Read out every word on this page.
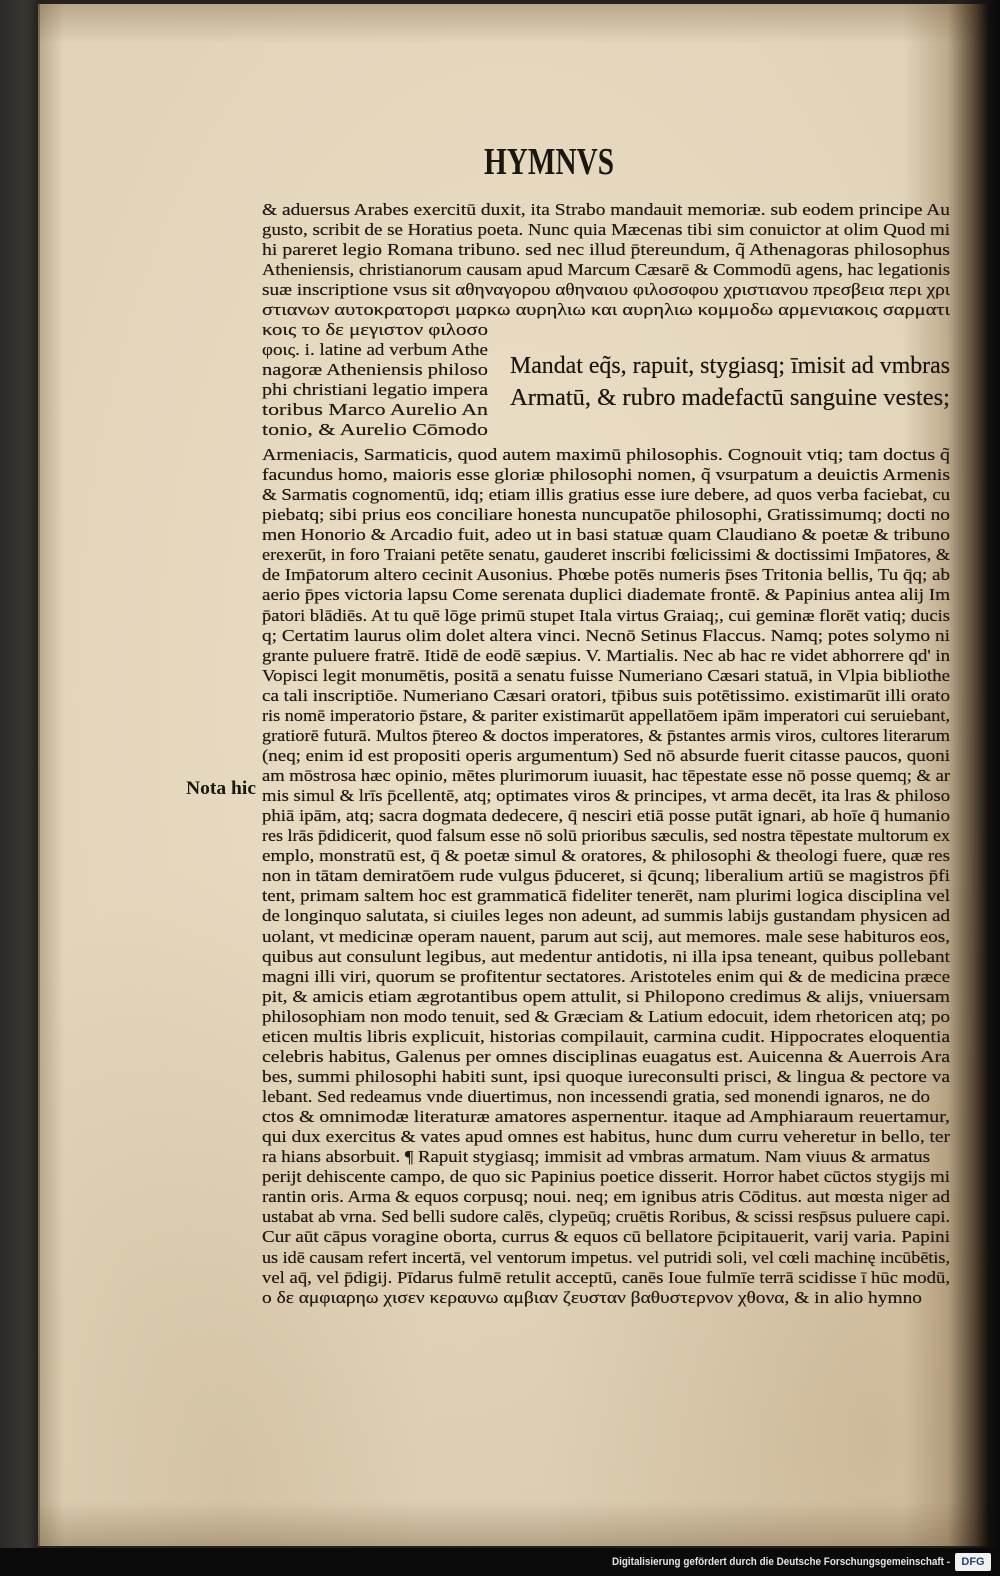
HYMNVS
& aduersus Arabes exercitū duxit, ita Strabo mandauit memoriæ. sub eodem principe Au
gusto, scribit de se Horatius poeta. Nunc quia Mæcenas tibi sim conuictor at olim Quod mi
hi pareret legio Romana tribuno. sed nec illud p̄tereundum, q̃ Athenagoras philosophus
Atheniensis, christianorum causam apud Marcum Cæsarē & Commodū agens, hac legationis
suæ inscriptione vsus sit αθηναγορου αθηναιου φιλοσοφου χριστιανου πρεσβεια περι χρι
στιανων αυτοκρατορσι μαρκω αυρηλιω και αυρηλιω κομμοδω αρμενιακοις σαρματι
κοις το δε μεγιστον φιλοσο
φοις. i. latine ad verbum Athe
nagoræ Atheniensis philoso
phi christiani legatio impera
toribus Marco Aurelio An
tonio, & Aurelio Cōmodo
Mandat eq̃s, rapuit, stygiasq; īmisit ad vmbras
Armatū, & rubro madefactū sanguine vestes;
Nota hic
Armeniacis, Sarmaticis, quod autem maximū philosophis. Cognouit vtiq; tam doctus q̃
facundus homo, maioris esse gloriæ philosophi nomen, q̃ vsurpatum a deuictis Armenis
& Sarmatis cognomentū, idq; etiam illis gratius esse iure debere, ad quos verba faciebat, cu
piebatq; sibi prius eos conciliare honesta nuncupatōe philosophi, Gratissimumq; docti no
men Honorio & Arcadio fuit, adeo ut in basi statuæ quam Claudiano & poetæ & tribuno
erexerūt, in foro Traiani petēte senatu, gauderet inscribi fœlicissimi & doctissimi Imp̄atores, &
de Imp̄atorum altero cecinit Ausonius. Phœbe potēs numeris p̄ses Tritonia bellis, Tu q̄q; ab
aerio p̄pes victoria lapsu Come serenata duplici diademate frontē. & Papinius antea alij Im
p̄atori blādiēs. At tu quē lōge primū stupet Itala virtus Graiaq;, cui geminæ florēt vatiq; ducis
q; Certatim laurus olim dolet altera vinci. Necnō Setinus Flaccus. Namq; potes solymo ni
grante puluere fratrē. Itidē de eodē sæpius. V. Martialis. Nec ab hac re videt abhorrere qd' in
Vopisci legit monumētis, positā a senatu fuisse Numeriano Cæsari statuā, in Vlpia bibliothe
ca tali inscriptiōe. Numeriano Cæsari oratori, tp̄ibus suis potētissimo. existimarūt illi orato
ris nomē imperatorio p̄stare, & pariter existimarūt appellatōem ipām imperatori cui seruiebant,
gratiorē futurā. Multos p̄tereo & doctos imperatores, & p̄stantes armis viros, cultores literarum
(neq; enim id est propositi operis argumentum) Sed nō absurde fuerit citasse paucos, quoni
am mōstrosa hæc opinio, mētes plurimorum iuuasit, hac tēpestate esse nō posse quemq; & ar
mis simul & lrīs p̄cellentē, atq; optimates viros & principes, vt arma decēt, ita lras & philoso
phiā ipām, atq; sacra dogmata dedecere, q̄ nesciri etiā posse putāt ignari, ab hoīe q̄ humanio
res lrās p̄didicerit, quod falsum esse nō solū prioribus sæculis, sed nostra tēpestate multorum ex
emplo, monstratū est, q̄ & poetæ simul & oratores, & philosophi & theologi fuere, quæ res
non in tātam demiratōem rude vulgus p̄duceret, si q̄cunq; liberalium artiū se magistros p̄fi
tent, primam saltem hoc est grammaticā fideliter tenerēt, nam plurimi logica disciplina vel
de longinquo salutata, si ciuiles leges non adeunt, ad summis labijs gustandam physicen ad
uolant, vt medicinæ operam nauent, parum aut scij, aut memores. male sese habituros eos,
quibus aut consulunt legibus, aut medentur antidotis, ni illa ipsa teneant, quibus pollebant
magni illi viri, quorum se profitentur sectatores. Aristoteles enim qui & de medicina præce
pit, & amicis etiam ægrotantibus opem attulit, si Philopono credimus & alijs, vniuersam
philosophiam non modo tenuit, sed & Græciam & Latium edocuit, idem rhetoricen atq; po
eticen multis libris explicuit, historias compilauit, carmina cudit. Hippocrates eloquentia
celebris habitus, Galenus per omnes disciplinas euagatus est. Auicenna & Auerrois Ara
bes, summi philosophi habiti sunt, ipsi quoque iureconsulti prisci, & lingua & pectore va
lebant. Sed redeamus vnde diuertimus, non incessendi gratia, sed monendi ignaros, ne do
ctos & omnimodæ literaturæ amatores aspernentur. itaque ad Amphiaraum reuertamur,
qui dux exercitus & vates apud omnes est habitus, hunc dum curru veheretur in bello, ter
ra hians absorbuit. ¶ Rapuit stygiasq; immisit ad vmbras armatum. Nam viuus & armatus
perijt dehiscente campo, de quo sic Papinius poetice disserit. Horror habet cūctos stygijs mi
rantin oris. Arma & equos corpusq; noui. neq; em ignibus atris Cōditus. aut mœsta niger ad
ustabat ab vrna. Sed belli sudore calēs, clypeūq; cruētis Roribus, & scissi resp̄sus puluere capi.
Cur aūt cāpus voragine oborta, currus & equos cū bellatore p̄cipitauerit, varij varia. Papini
us idē causam refert incertā, vel ventorum impetus. vel putridi soli, vel cœli machinę incūbētis,
vel aq̄, vel p̄digij. Pīdarus fulmē retulit acceptū, canēs Ioue fulmīe terrā scidisse ī hūc modū,
ο δε αμφιαρηω χισεν κεραυνω αμβιαν ζευσταν βαθυστερνον χθονα, & in alio hymno
Digitalisierung gefördert durch die Deutsche Forschungsgemeinschaft -	DFG
